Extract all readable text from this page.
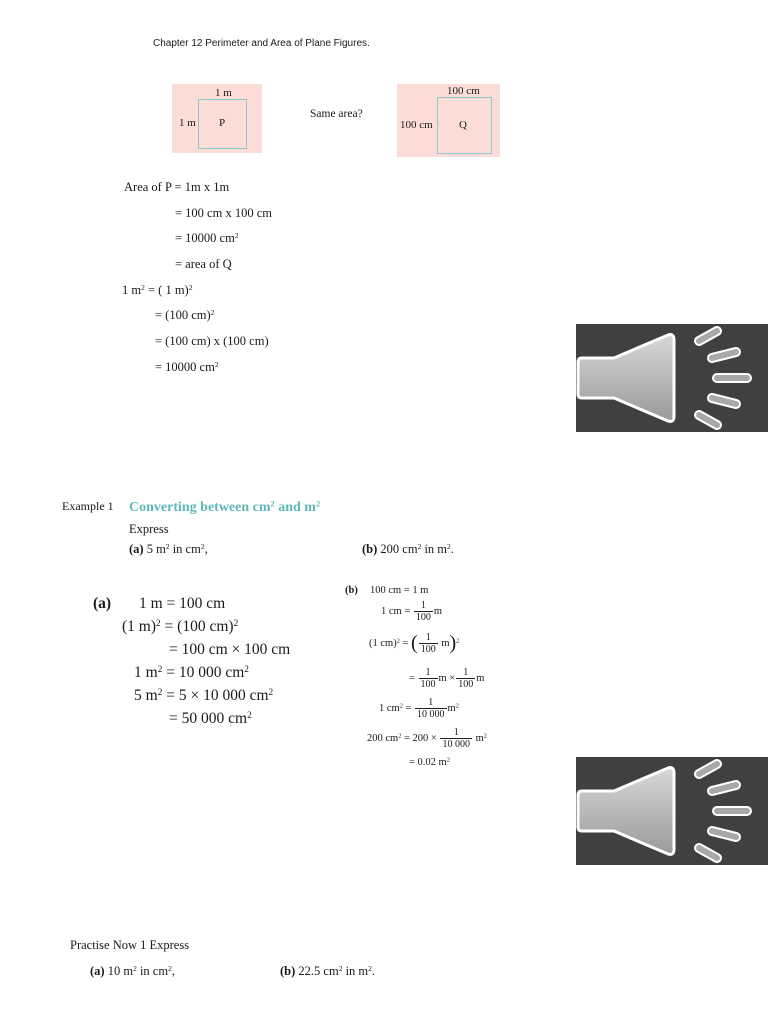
Chapter 12 Perimeter and Area of Plane Figures.
1 m
1 m P
Same area?
100 cm
100 cm Q
Area of P = 1m x 1m
= 100 cm x 100 cm
= 10000 $cm^2$
= area of Q
1 $m^2$ = ( 1 m)$^2$
= (100 cm)$^2$
= (100 cm) x (100 cm)
= 10000 $cm^2$
Example 1 Converting between $cm^2$ and $m^2$
Express
(a) 5 $m^2$ in $cm^2$,	(b) 200 $cm^2$ in $m^2$.
(a) 1 m = 100 cm
(1 m)$^2$ = (100 cm)$^2$
= 100 cm × 100 cm
1 $m^2 = 10$ 000 $cm^2$
5 $m^2 = 5 \times 10$ 000 $cm^2$
= 50 000 $cm^2$
(b) 100 cm = 1 m
1 cm = $\frac{1}{100}$ m
(1 cm)$^2$ = ( $\frac{1}{100} m)^2$
= $\frac{1}{100}$ $m \times \frac{1}{100}$ m
1 $cm^2 = \frac{1}{10 000} m^2$
200 $cm^2 = 200 \times \frac{1}{10 000} m^2$
= 0.02 $m^2$
Practise Now 1 Express
(a) 10 $m^2$ in $cm^2$,	(b) 22.5 $cm^2$ in $m^2$.
